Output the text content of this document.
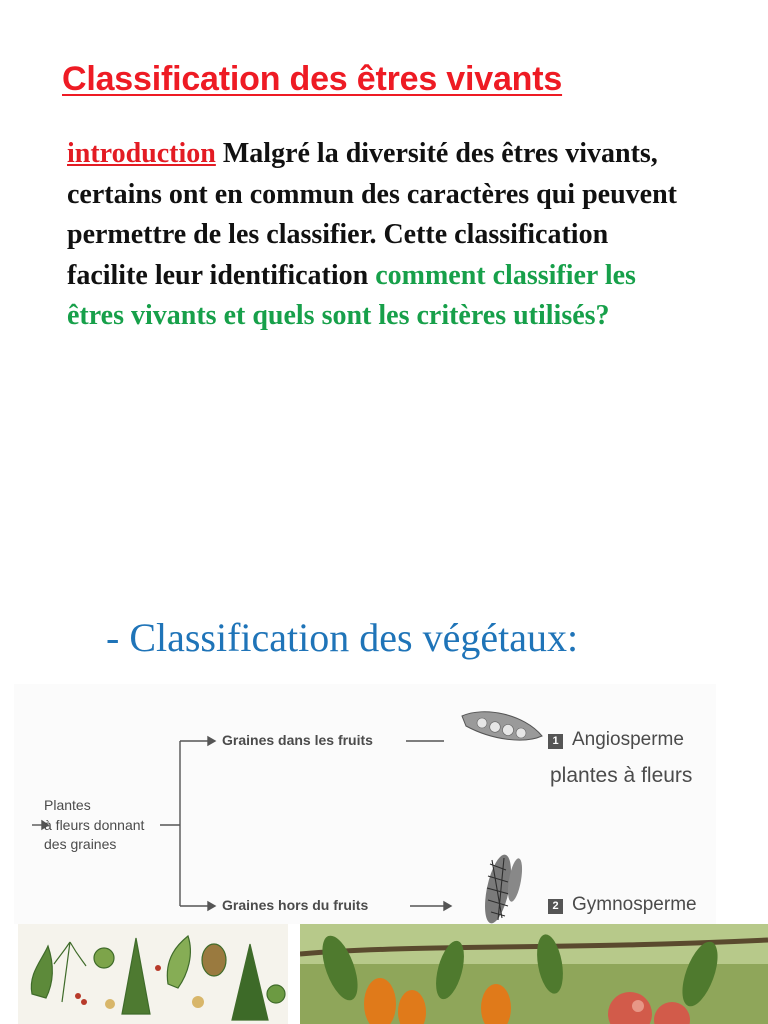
Classification des êtres vivants

introduction Malgré la diversité des êtres vivants, certains ont en commun des caractères qui peuvent permettre de les classifier. Cette classification facilite leur identification comment classifier les êtres vivants et quels sont les critères utilisés?

- Classification des végétaux:
Plantes
à fleurs donnant
des graines
Graines dans les fruits
Graines hors du fruits
1
2
Angiosperme
plantes à fleurs
Gymnosperme
